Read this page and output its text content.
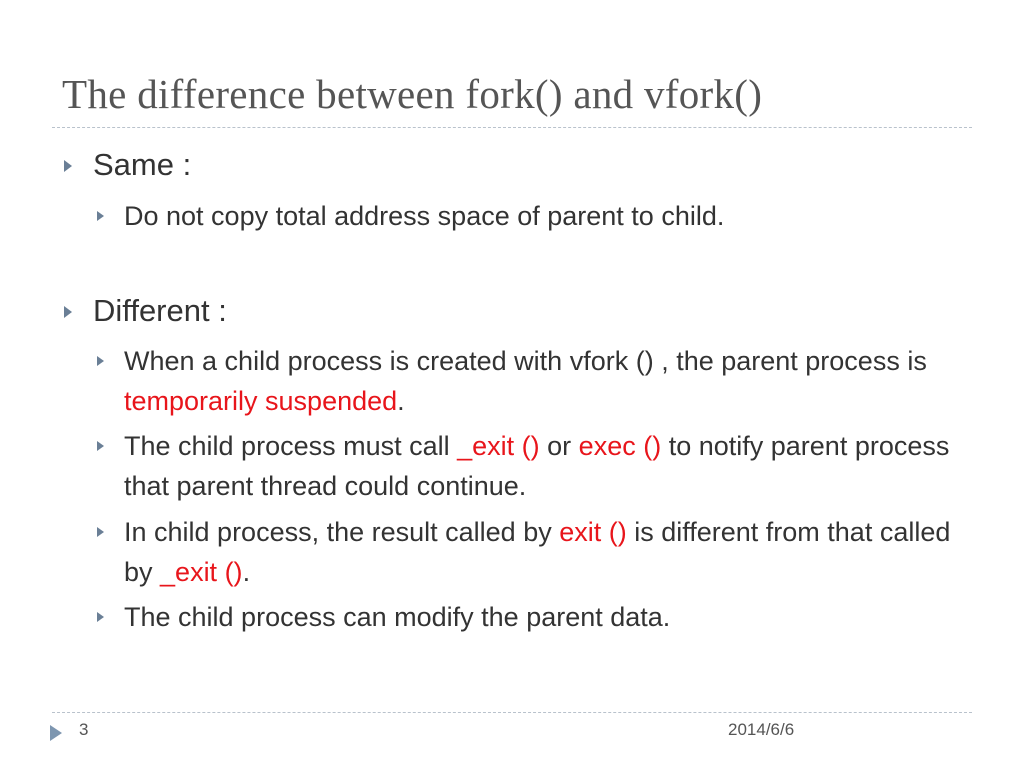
The difference between fork() and vfork()
Same :
Do not copy total address space of parent to child.
Different :
When a child process is created with vfork () , the parent process is temporarily suspended.
The child process must call _exit () or exec () to notify parent process that parent thread could continue.
In child process, the result called by exit () is different from that called by _exit ().
The child process can modify the parent data.
3	2014/6/6
